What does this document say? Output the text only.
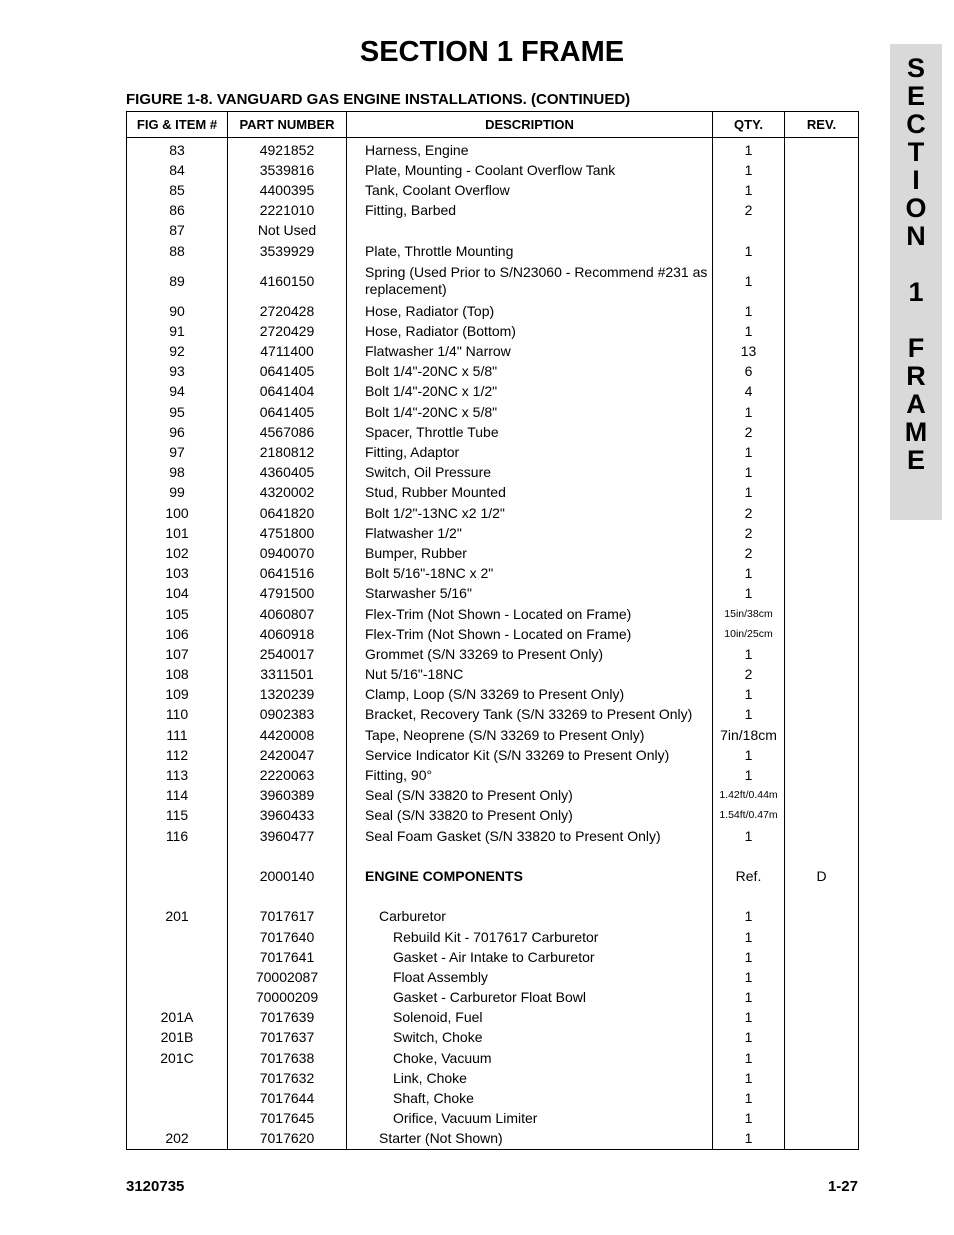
SECTION 1 FRAME
FIGURE 1-8. VANGUARD GAS ENGINE INSTALLATIONS. (CONTINUED)
S
E
C
T
I
O
N
1
F
R
A
M
E
FIG & ITEM #	PART NUMBER	DESCRIPTION	QTY.	REV.
83	4921852	Harness, Engine	1	
84	3539816	Plate, Mounting - Coolant Overflow Tank	1	
85	4400395	Tank, Coolant Overflow	1	
86	2221010	Fitting, Barbed	2	
87	Not Used			
88	3539929	Plate, Throttle Mounting	1	
89	4160150	Spring (Used Prior to S/N23060 - Recommend #231 as replacement)	1	
90	2720428	Hose, Radiator (Top)	1	
91	2720429	Hose, Radiator (Bottom)	1	
92	4711400	Flatwasher 1/4" Narrow	13	
93	0641405	Bolt 1/4"-20NC x 5/8"	6	
94	0641404	Bolt 1/4"-20NC x 1/2"	4	
95	0641405	Bolt 1/4"-20NC x 5/8"	1	
96	4567086	Spacer, Throttle Tube	2	
97	2180812	Fitting, Adaptor	1	
98	4360405	Switch, Oil Pressure	1	
99	4320002	Stud, Rubber Mounted	1	
100	0641820	Bolt 1/2"-13NC x2 1/2"	2	
101	4751800	Flatwasher 1/2"	2	
102	0940070	Bumper, Rubber	2	
103	0641516	Bolt 5/16"-18NC x 2"	1	
104	4791500	Starwasher 5/16"	1	
105	4060807	Flex-Trim (Not Shown - Located on Frame)	15in/38cm	
106	4060918	Flex-Trim (Not Shown - Located on Frame)	10in/25cm	
107	2540017	Grommet (S/N 33269 to Present Only)	1	
108	3311501	Nut 5/16"-18NC	2	
109	1320239	Clamp, Loop (S/N 33269 to Present Only)	1	
110	0902383	Bracket, Recovery Tank (S/N 33269 to Present Only)	1	
111	4420008	Tape, Neoprene (S/N 33269 to Present Only)	7in/18cm	
112	2420047	Service Indicator Kit (S/N 33269 to Present Only)	1	
113	2220063	Fitting, 90°	1	
114	3960389	Seal (S/N 33820 to Present Only)	1.42ft/0.44m	
115	3960433	Seal (S/N 33820 to Present Only)	1.54ft/0.47m	
116	3960477	Seal Foam Gasket (S/N 33820 to Present Only)	1	

	2000140	ENGINE COMPONENTS	Ref.	D

201	7017617	Carburetor	1	
	7017640	Rebuild Kit - 7017617 Carburetor	1	
	7017641	Gasket - Air Intake to Carburetor	1	
	70002087	Float Assembly	1	
	70000209	Gasket - Carburetor Float Bowl	1	
201A	7017639	Solenoid, Fuel	1	
201B	7017637	Switch, Choke	1	
201C	7017638	Choke, Vacuum	1	
	7017632	Link, Choke	1	
	7017644	Shaft, Choke	1	
	7017645	Orifice, Vacuum Limiter	1	
202	7017620	Starter (Not Shown)	1	
3120735	1-27
